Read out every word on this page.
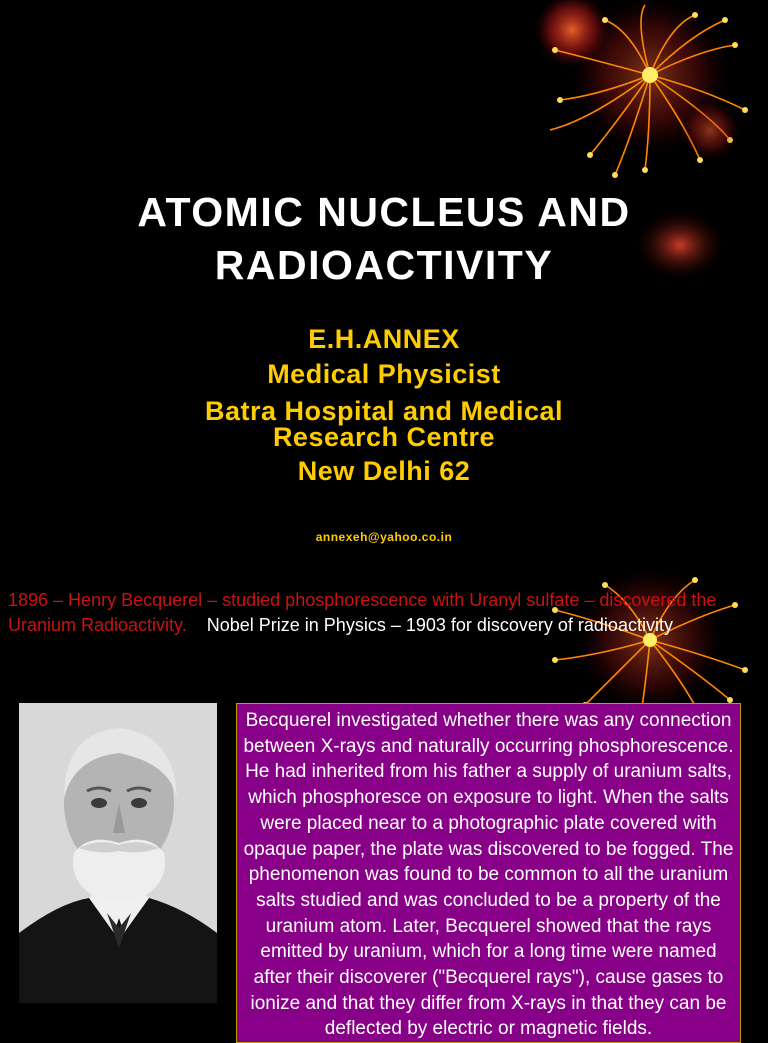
ATOMIC NUCLEUS AND
RADIOACTIVITY
E.H.ANNEX
Medical Physicist
Batra Hospital and Medical
Research Centre
New Delhi 62
annexeh@yahoo.co.in

1896 – Henry Becquerel – studied phosphorescence with Uranyl sulfate – discovered the Uranium Radioactivity. Nobel Prize in Physics – 1903 for discovery of radioactivity

Becquerel investigated whether there was any connection between X-rays and naturally occurring phosphorescence. He had inherited from his father a supply of uranium salts, which phosphoresce on exposure to light. When the salts were placed near to a photographic plate covered with opaque paper, the plate was discovered to be fogged. The phenomenon was found to be common to all the uranium salts studied and was concluded to be a property of the uranium atom. Later, Becquerel showed that the rays emitted by uranium, which for a long time were named after their discoverer ("Becquerel rays"), cause gases to ionize and that they differ from X-rays in that they can be deflected by electric or magnetic fields.
